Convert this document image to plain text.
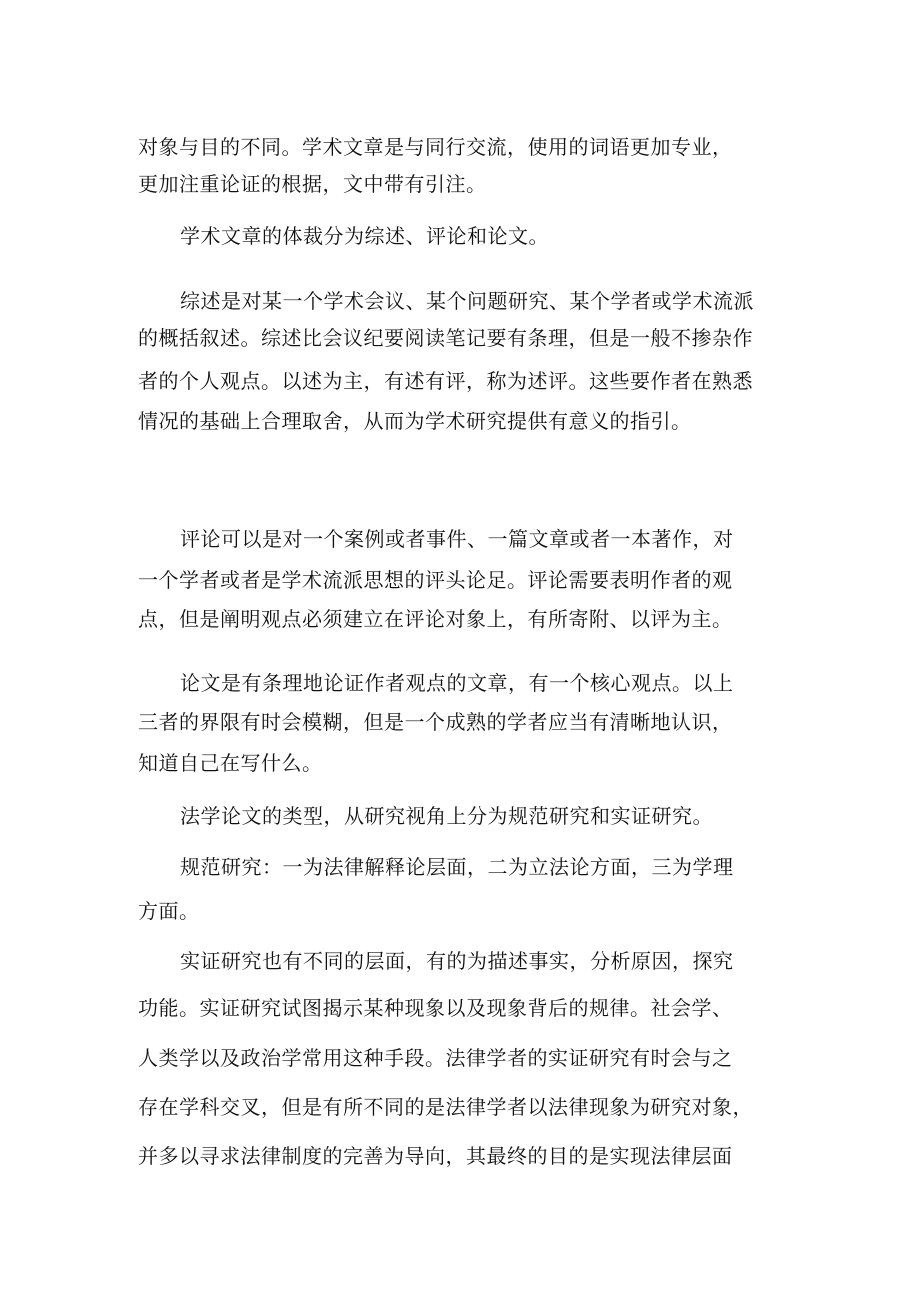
对象与目的不同。学术文章是与同行交流，使用的词语更加专业，
更加注重论证的根据，文中带有引注。
学术文章的体裁分为综述、评论和论文。
综述是对某一个学术会议、某个问题研究、某个学者或学术流派
的概括叙述。综述比会议纪要阅读笔记要有条理，但是一般不掺杂作
者的个人观点。以述为主，有述有评，称为述评。这些要作者在熟悉
情况的基础上合理取舍，从而为学术研究提供有意义的指引。
评论可以是对一个案例或者事件、一篇文章或者一本著作，对
一个学者或者是学术流派思想的评头论足。评论需要表明作者的观
点，但是阐明观点必须建立在评论对象上，有所寄附、以评为主。
论文是有条理地论证作者观点的文章，有一个核心观点。以上
三者的界限有时会模糊，但是一个成熟的学者应当有清晰地认识，
知道自己在写什么。
法学论文的类型，从研究视角上分为规范研究和实证研究。
规范研究：一为法律解释论层面，二为立法论方面，三为学理
方面。
实证研究也有不同的层面，有的为描述事实，分析原因，探究
功能。实证研究试图揭示某种现象以及现象背后的规律。社会学、
人类学以及政治学常用这种手段。法律学者的实证研究有时会与之
存在学科交叉，但是有所不同的是法律学者以法律现象为研究对象，
并多以寻求法律制度的完善为导向，其最终的目的是实现法律层面
